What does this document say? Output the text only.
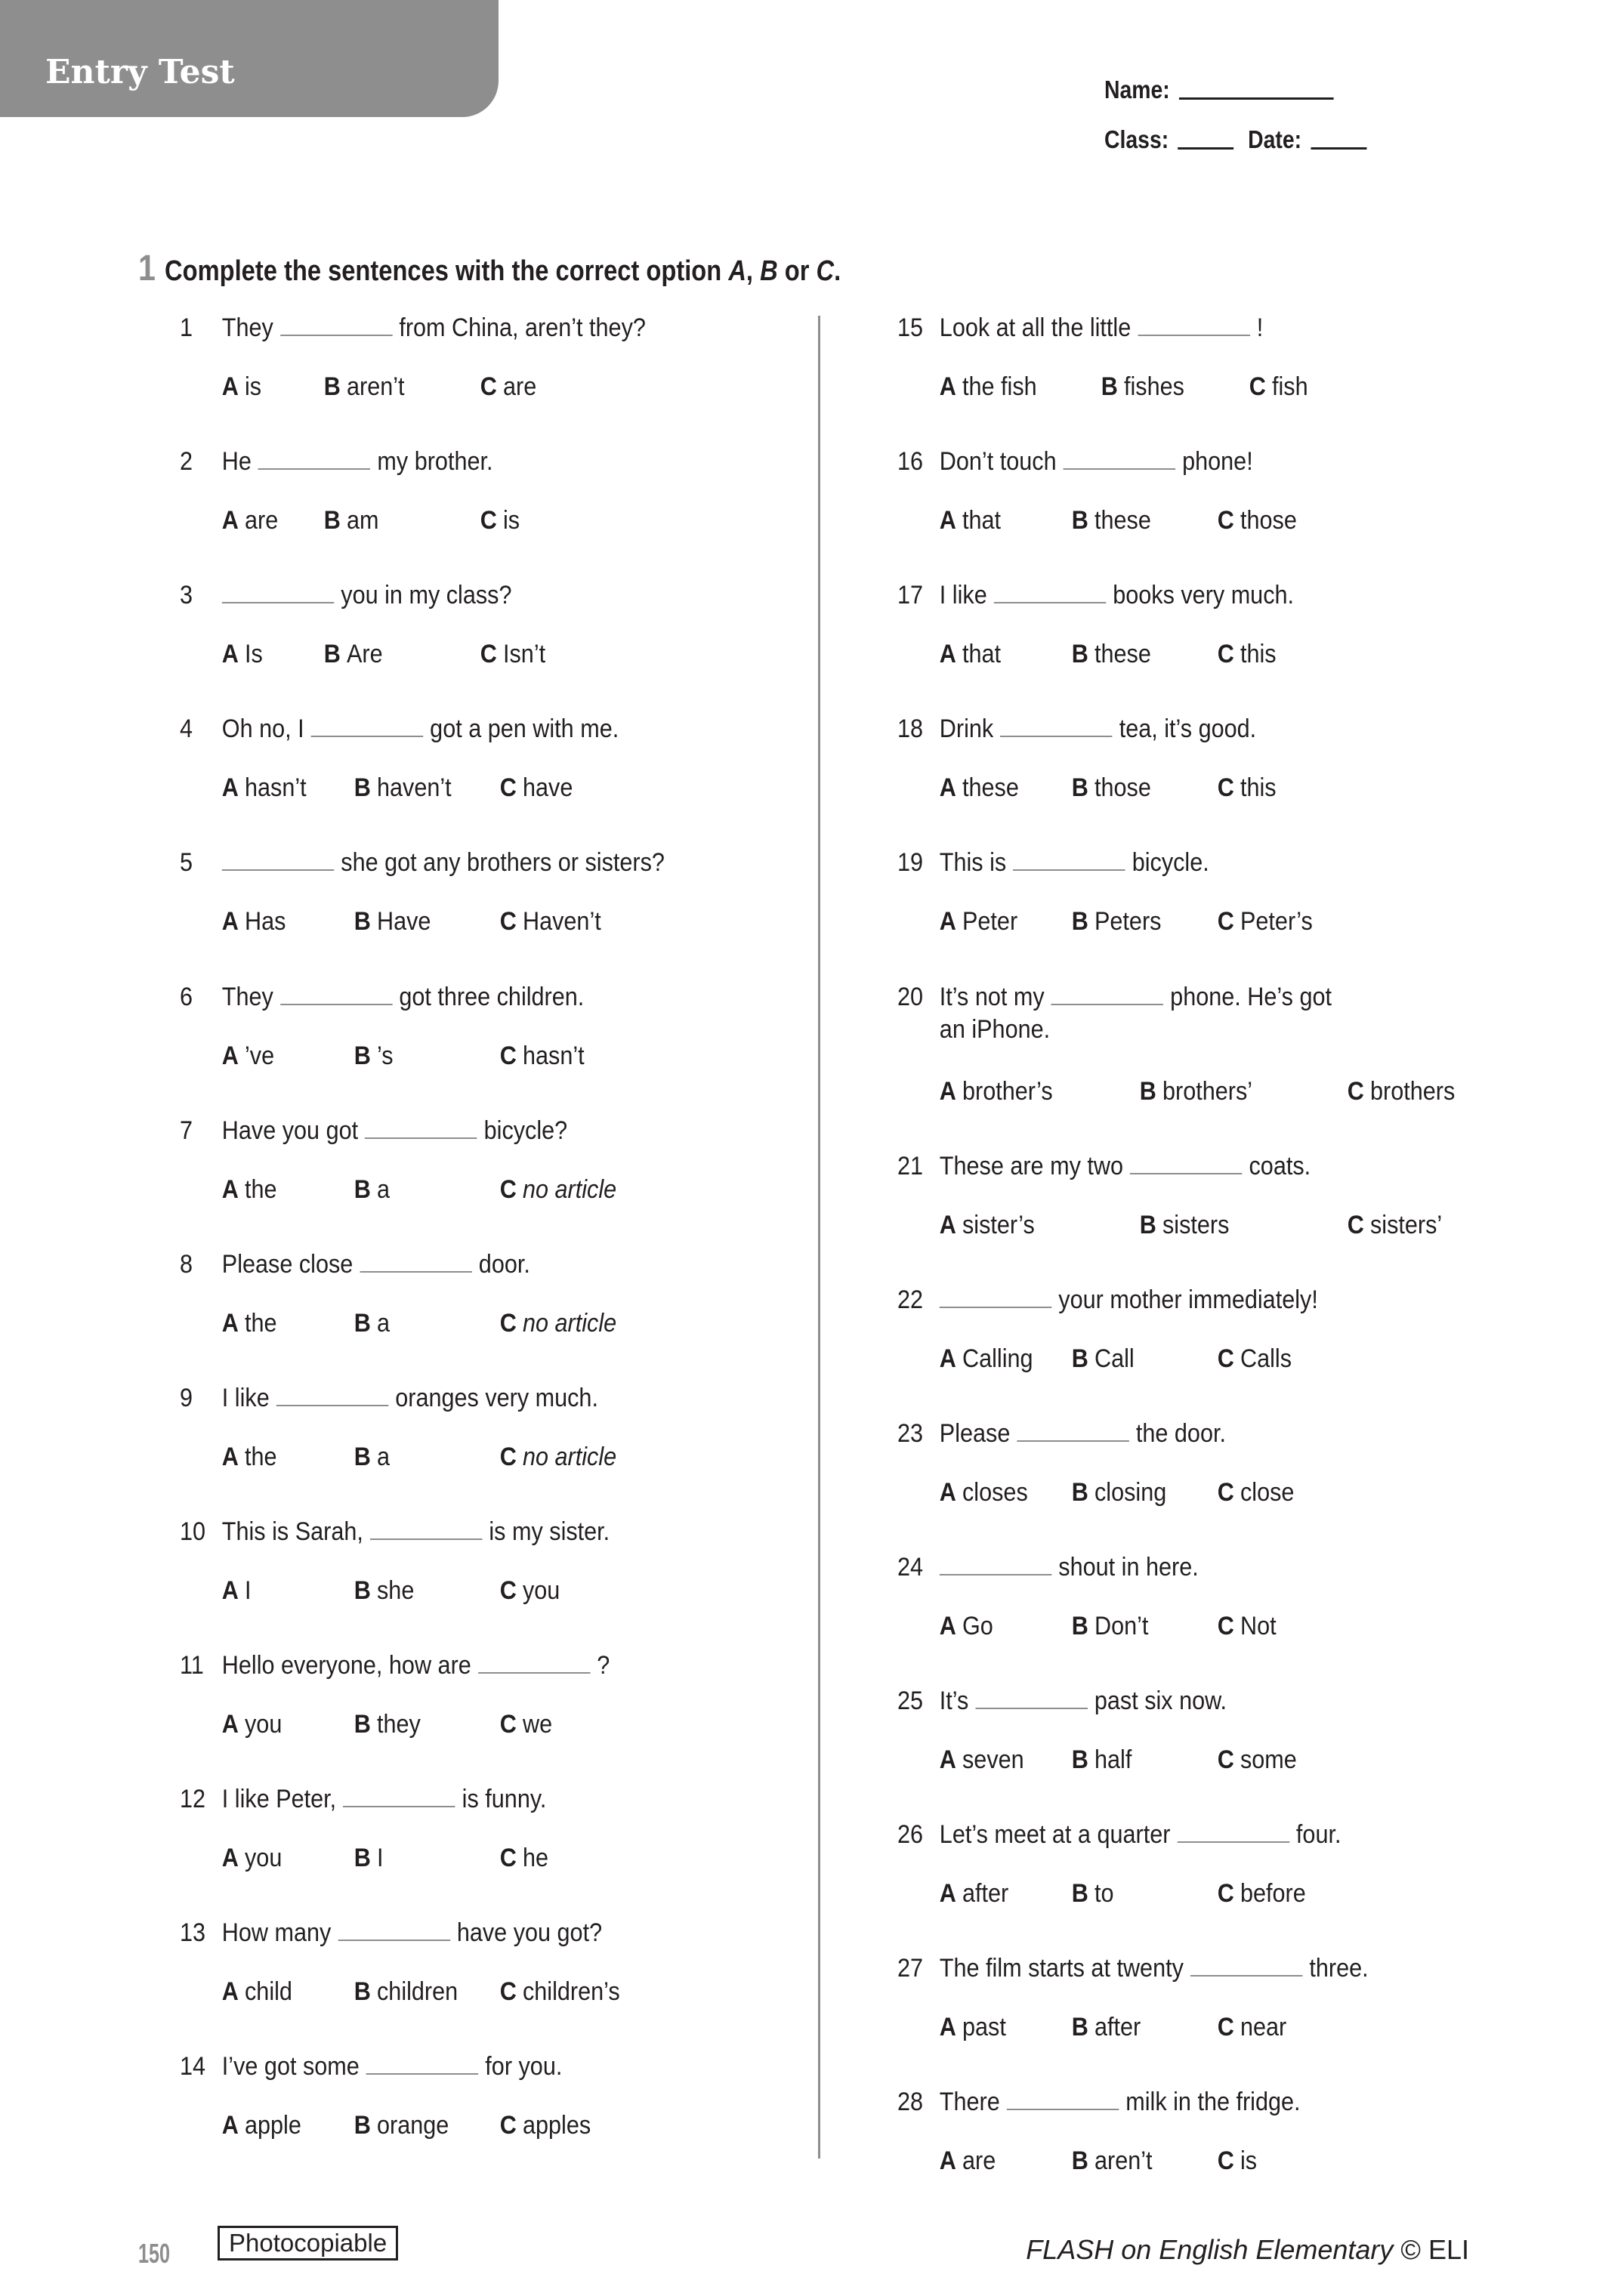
Entry Test	Name:
Class:	Date:
1 Complete the sentences with the correct option A, B or C.
1	They	from China, aren’t they?
A is B aren’t	C are
2	He	my brother.
A are B am	C is
3	you in my class?
A Is B Are	C Isn’t
4	Oh no, I	got a pen with me.
A hasn’t B haven’t C have
5	she got any brothers or sisters?
A Has	B Have	C Haven’t
6	They	got three children.
A ’ve	B ’s	C hasn’t
7	Have you got	bicycle?
A the	B a	C no article
8	Please close	door.
A the	B a	C no article
9	I like	oranges very much.
A the	B a	C no article
10 This is Sarah,	is my sister.
A I	B she	C you
11 Hello everyone, how are	?
A you	B they	C we
12 I like Peter,	is funny.
A you	B I	C he
13 How many	have you got?
A child B children C children’s
14 I’ve got some	for you.
A apple B orange C apples
15 Look at all the little	!
A the fish	B fishes	C fish
16 Don’t touch	phone!
A that	B these	C those
17 I like	books very much.
A that	B these	C this
18 Drink	tea, it’s good.
A these B those	C this
19 This is	bicycle.
A Peter B Peters C Peter’s
20 It’s not my	phone. He’s got
an iPhone.
A brother’s	B brothers’	C brothers
21 These are my two	coats.
A sister’s	B sisters	C sisters’
22	your mother immediately!
A Calling B Call	C Calls
23 Please	the door.
A closes B closing C close
24	shout in here.
A Go	B Don’t	C Not
25 It’s	past six now.
A seven B half	C some
26 Let’s meet at a quarter	four.
A after B to	C before
27 The film starts at twenty	three.
A past	B after	C near
28 There	milk in the fridge.
A are	B aren’t	C is
150	Photocopiable	FLASH on English Elementary © ELI
